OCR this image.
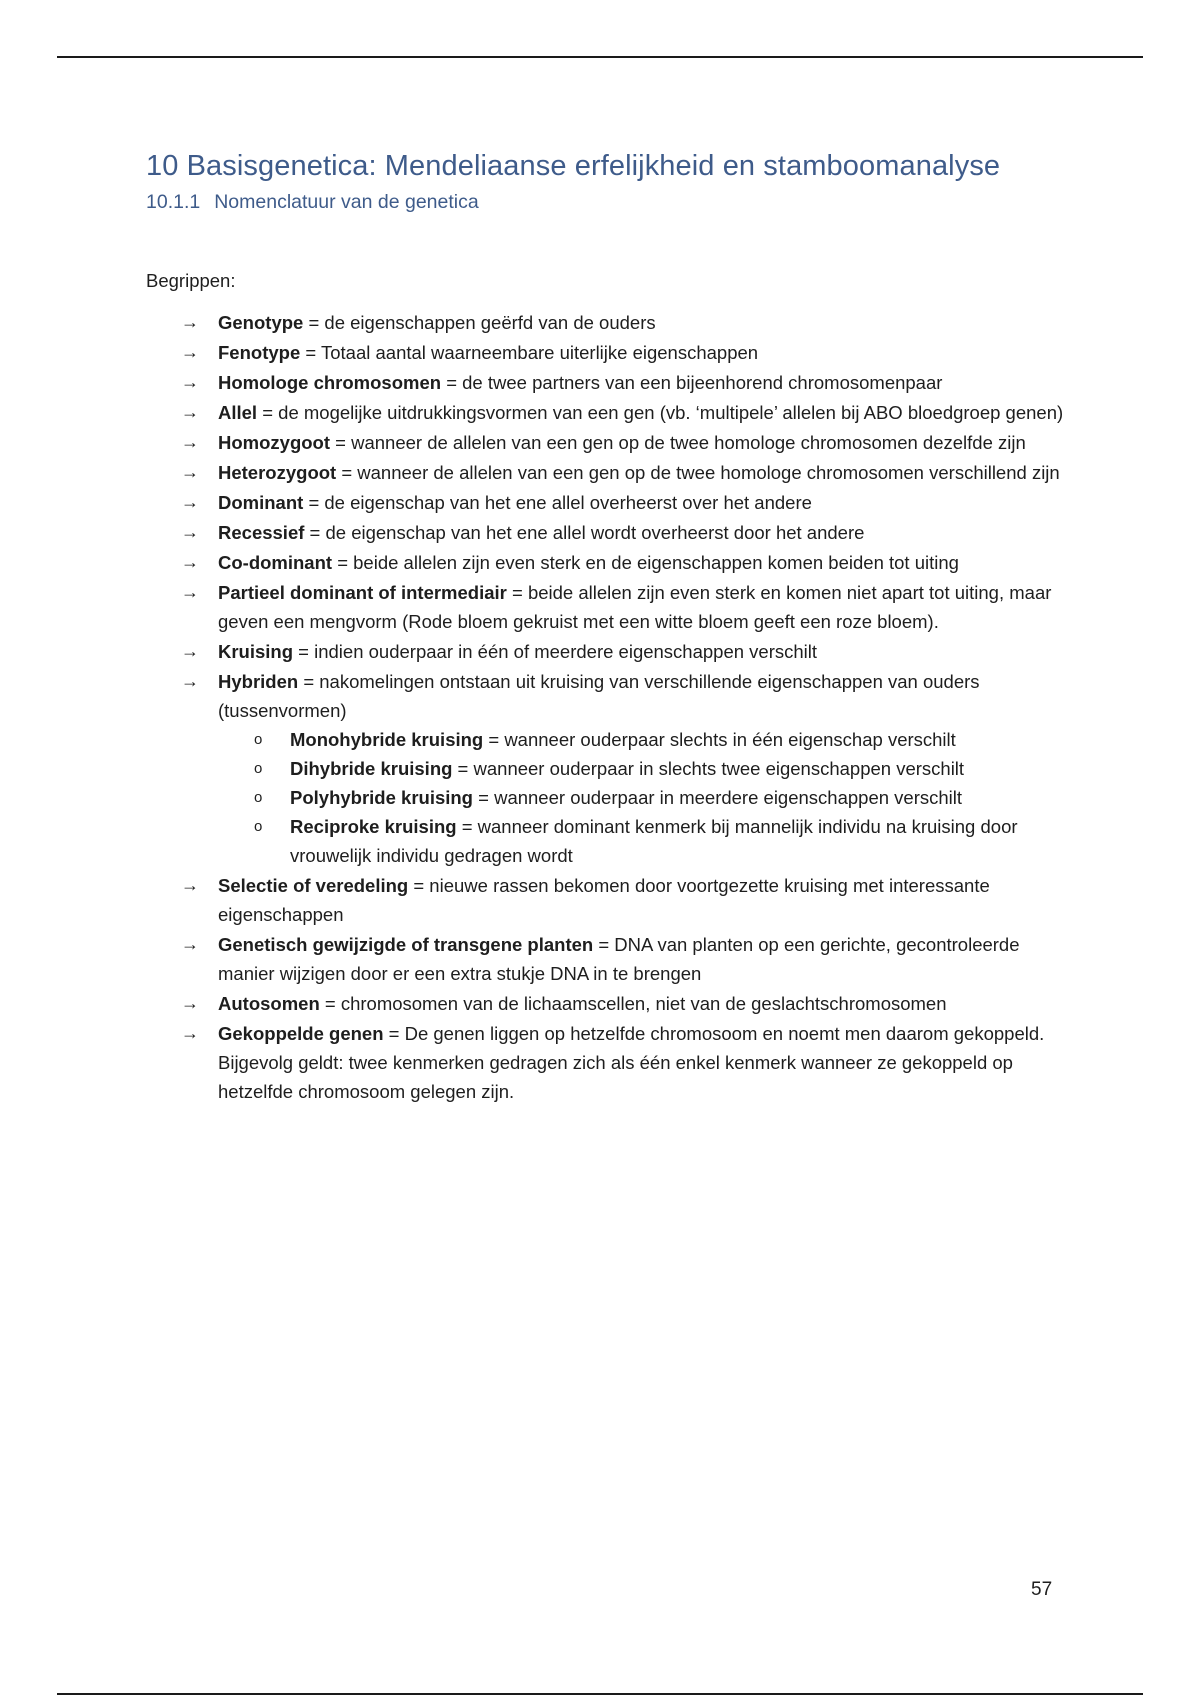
10 Basisgenetica: Mendeliaanse erfelijkheid en stamboomanalyse
10.1.1 Nomenclatuur van de genetica
Begrippen:
→ Genotype = de eigenschappen geërfd van de ouders
→ Fenotype = Totaal aantal waarneembare uiterlijke eigenschappen
→ Homologe chromosomen = de twee partners van een bijeenhorend chromosomenpaar
→ Allel = de mogelijke uitdrukkingsvormen van een gen (vb. ‘multipele’ allelen bij ABO bloedgroep genen)
→ Homozygoot = wanneer de allelen van een gen op de twee homologe chromosomen dezelfde zijn
→ Heterozygoot = wanneer de allelen van een gen op de twee homologe chromosomen verschillend zijn
→ Dominant = de eigenschap van het ene allel overheerst over het andere
→ Recessief = de eigenschap van het ene allel wordt overheerst door het andere
→ Co-dominant = beide allelen zijn even sterk en de eigenschappen komen beiden tot uiting
→ Partieel dominant of intermediair = beide allelen zijn even sterk en komen niet apart tot uiting, maar geven een mengvorm (Rode bloem gekruist met een witte bloem geeft een roze bloem).
→ Kruising = indien ouderpaar in één of meerdere eigenschappen verschilt
→ Hybriden = nakomelingen ontstaan uit kruising van verschillende eigenschappen van ouders (tussenvormen)
o Monohybride kruising = wanneer ouderpaar slechts in één eigenschap verschilt
o Dihybride kruising = wanneer ouderpaar in slechts twee eigenschappen verschilt
o Polyhybride kruising = wanneer ouderpaar in meerdere eigenschappen verschilt
o Reciproke kruising = wanneer dominant kenmerk bij mannelijk individu na kruising door vrouwelijk individu gedragen wordt
→ Selectie of veredeling = nieuwe rassen bekomen door voortgezette kruising met interessante eigenschappen
→ Genetisch gewijzigde of transgene planten = DNA van planten op een gerichte, gecontroleerde manier wijzigen door er een extra stukje DNA in te brengen
→ Autosomen = chromosomen van de lichaamscellen, niet van de geslachtschromosomen
→ Gekoppelde genen = De genen liggen op hetzelfde chromosoom en noemt men daarom gekoppeld. Bijgevolg geldt: twee kenmerken gedragen zich als één enkel kenmerk wanneer ze gekoppeld op hetzelfde chromosoom gelegen zijn.
57
